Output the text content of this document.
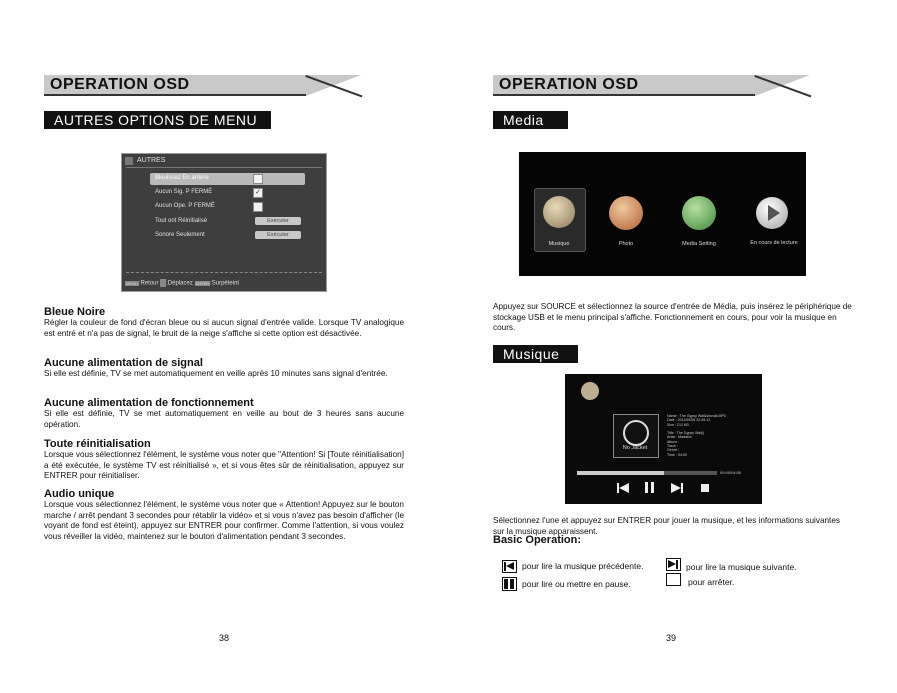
OPERATION OSD
AUTRES OPTIONS DE MENU
AUTRES
Bleuissez En arrière
Aucun Sig. P FERMÉ	✓
Aucun Ope. P FERMÉ
Tout ont Réinitialisé	Exécuter
Sonore Seulement	Exécuter
MENU:Retour :Déplacez ENTER:Surpéteint
Bleue Noire
Régler la couleur de fond d'écran bleue ou si aucun signal d'entrée valide. Lorsque TV analogique est entré et n'a pas de signal, le bruit de la neige s'affiche si cette option est désactivée.
Aucune alimentation de signal
Si elle est définie, TV se met automatiquement en veille après 10 minutes sans signal d'entrée.
Aucune alimentation de fonctionnement
Si elle est définie, TV se met automatiquement en veille au bout de 3 heures sans aucune opération.
Toute réinitialisation
Lorsque vous sélectionnez l'élément, le système vous noter que "Attention! Si [Toute réinitialisation] a été exécutée, le système TV est réinitialisé », et si vous êtes sûr de réinitialisation, appuyez sur ENTRER pour réinitialiser.
Audio unique
Lorsque vous sélectionnez l'élément, le système vous noter que « Attention! Appuyez sur le bouton marche / arrêt pendant 3 secondes pour rétablir la vidéo» et si vous n'avez pas besoin d'afficher (le voyant de fond est éteint), appuyez sur ENTRER pour confirmer. Comme l'attention, si vous voulez vous réveiller la vidéo, maintenez sur le bouton d'alimentation pendant 3 secondes.
38
OPERATION OSD
Media
Musique	Photo	Media Setting	En cours de lecture
Appuyez sur SOURCE et sélectionnez la source d'entrée de Média, puis insérez le périphérique de stockage USB et le menu principal s'affiche. Fonctionnement en cours, pour voir la musique en cours.
Musique
No Jacket
Name : The Gypsy Wal&sinvola.MP3
Date : 2011/09/06 20:28:12
Size : 212 KB

Title : The Gypsy Wal(l)
Artist : Madakin
Album :
Track :
Genre :
Time : 04:50
00:00/04:50
Sélectionnez l'une et appuyez sur ENTRER pour jouer la musique, et les informations suivantes sur la musique apparaissent.
Basic Operation:
pour lire la musique précédente.	pour lire la musique suivante.
pour lire ou mettre en pause.	pour arrêter.
39
